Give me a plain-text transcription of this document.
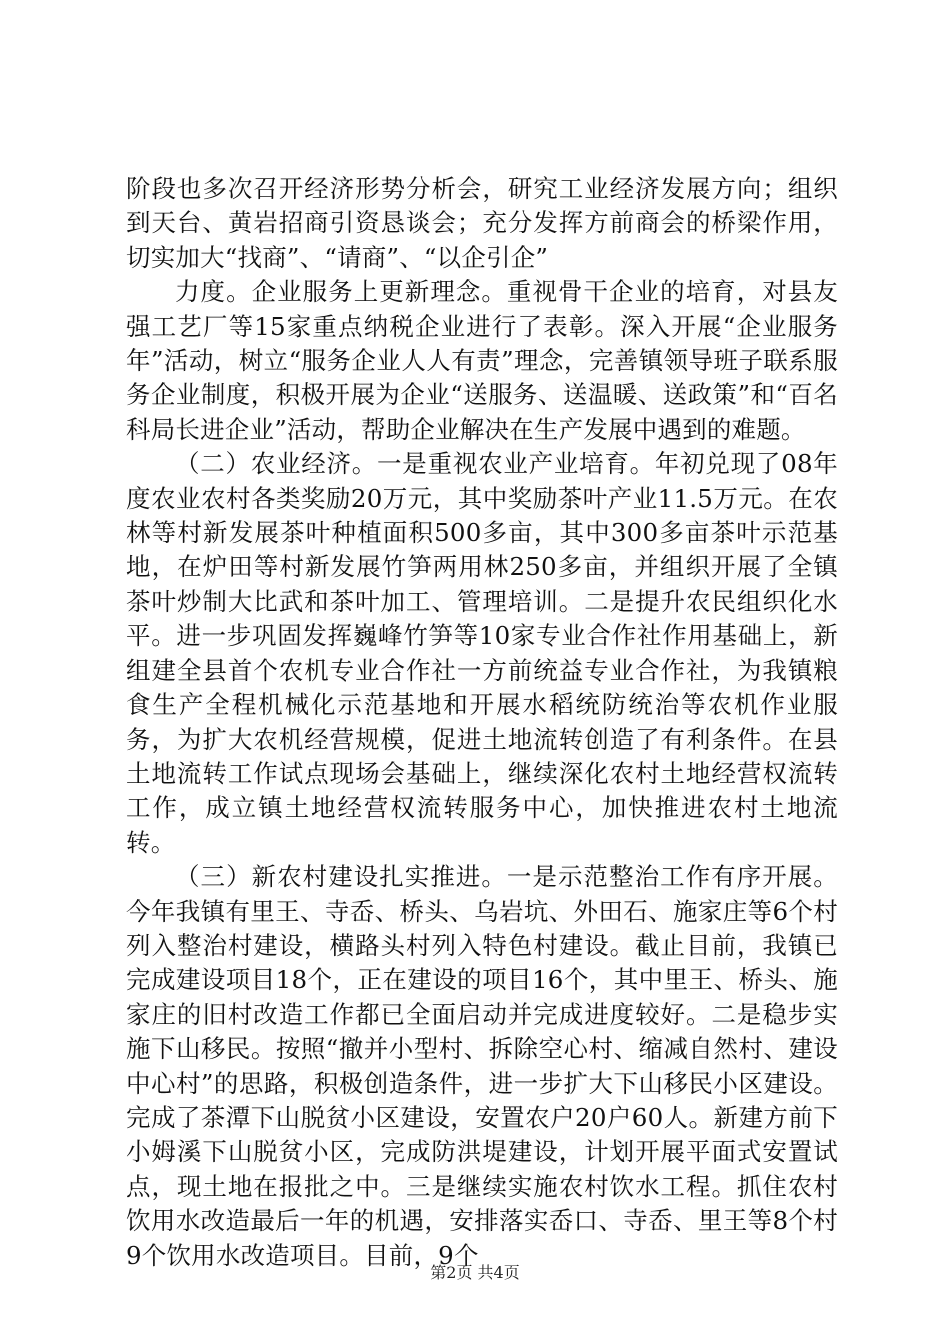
阶段也多次召开经济形势分析会，研究工业经济发展方向；组织到天台、黄岩招商引资恳谈会；充分发挥方前商会的桥梁作用，切实加大“找商”、“请商”、“以企引企”

力度。企业服务上更新理念。重视骨干企业的培育，对县友强工艺厂等15家重点纳税企业进行了表彰。深入开展“企业服务年”活动，树立“服务企业人人有责”理念，完善镇领导班子联系服务企业制度，积极开展为企业“送服务、送温暖、送政策”和“百名科局长进企业”活动，帮助企业解决在生产发展中遇到的难题。

（二）农业经济。一是重视农业产业培育。年初兑现了08年度农业农村各类奖励20万元，其中奖励茶叶产业11.5万元。在农林等村新发展茶叶种植面积500多亩，其中300多亩茶叶示范基地，在炉田等村新发展竹笋两用林250多亩，并组织开展了全镇茶叶炒制大比武和茶叶加工、管理培训。二是提升农民组织化水平。进一步巩固发挥巍峰竹笋等10家专业合作社作用基础上，新组建全县首个农机专业合作社一方前统益专业合作社，为我镇粮食生产全程机械化示范基地和开展水稻统防统治等农机作业服务，为扩大农机经营规模，促进土地流转创造了有利条件。在县土地流转工作试点现场会基础上，继续深化农村土地经营权流转工作，成立镇土地经营权流转服务中心，加快推进农村土地流转。

（三）新农村建设扎实推进。一是示范整治工作有序开展。今年我镇有里王、寺岙、桥头、乌岩坑、外田石、施家庄等6个村列入整治村建设，横路头村列入特色村建设。截止目前，我镇已完成建设项目18个，正在建设的项目16个，其中里王、桥头、施家庄的旧村改造工作都已全面启动并完成进度较好。二是稳步实施下山移民。按照“撤并小型村、拆除空心村、缩减自然村、建设中心村”的思路，积极创造条件，进一步扩大下山移民小区建设。完成了茶潭下山脱贫小区建设，安置农户20户60人。新建方前下小姆溪下山脱贫小区，完成防洪堤建设，计划开展平面式安置试点，现土地在报批之中。三是继续实施农村饮水工程。抓住农村饮用水改造最后一年的机遇，安排落实岙口、寺岙、里王等8个村9个饮用水改造项目。目前，9个

第2页 共4页
